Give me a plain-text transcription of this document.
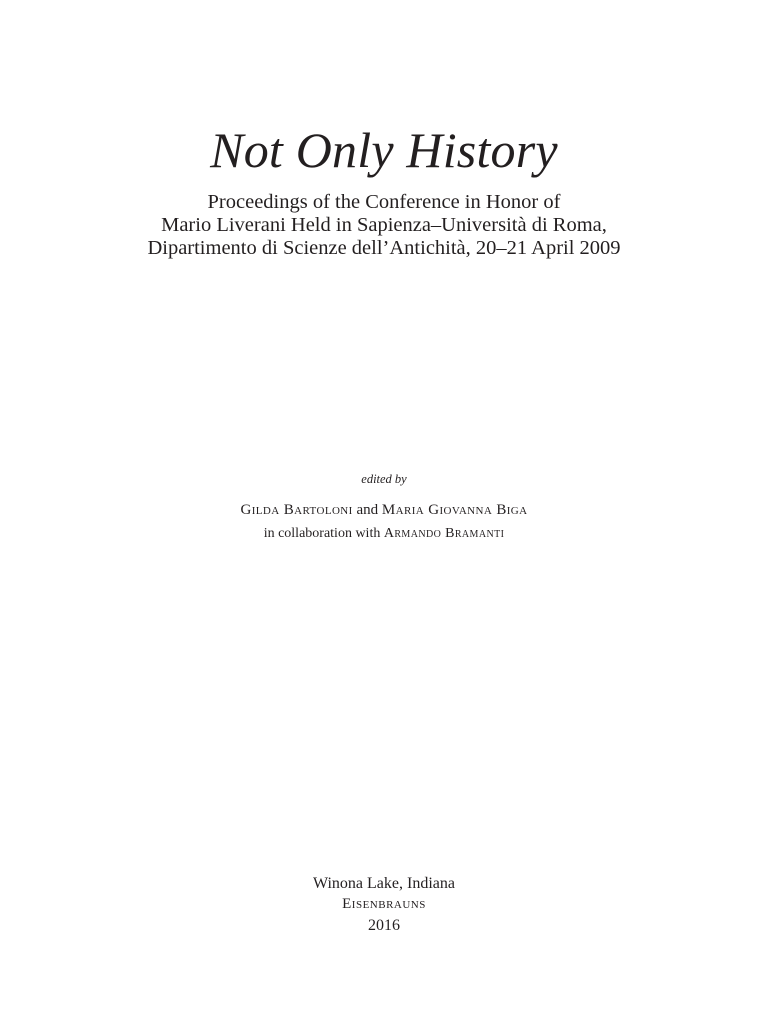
Not Only History
Proceedings of the Conference in Honor of
Mario Liverani Held in Sapienza–Università di Roma,
Dipartimento di Scienze dell’Antichità, 20–21 April 2009
edited by
Gilda Bartoloni and Maria Giovanna Biga
in collaboration with Armando Bramanti
Winona Lake, Indiana
Eisenbrauns
2016
